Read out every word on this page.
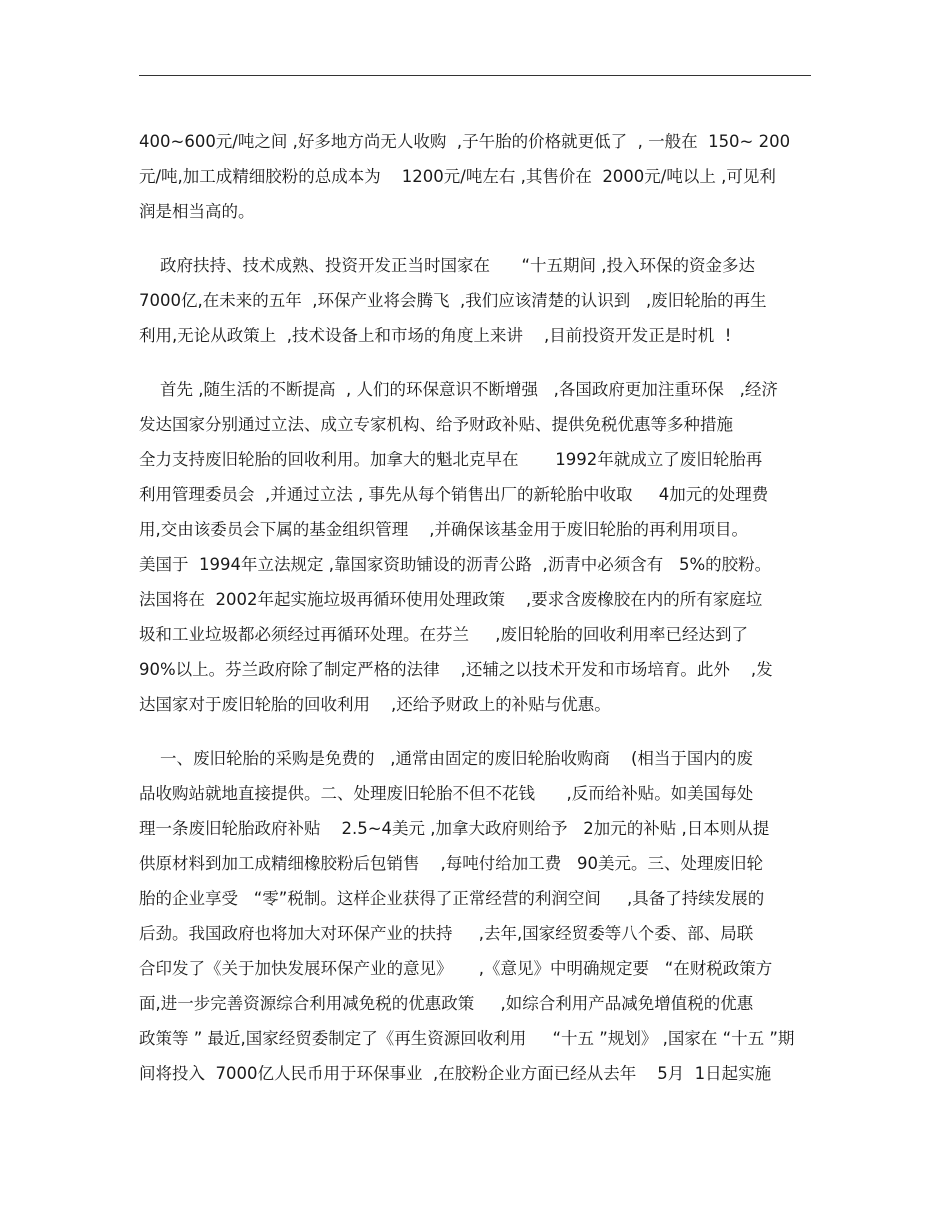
400~600元/吨之间 ,好多地方尚无人收购  ,子午胎的价格就更低了  , 一般在  150~ 200
元/吨,加工成精细胶粉的总成本为    1200元/吨左右 ,其售价在  2000元/吨以上 ,可见利
润是相当高的。
政府扶持、技术成熟、投资开发正当时国家在      “十五期间 ,投入环保的资金多达
7000亿,在未来的五年  ,环保产业将会腾飞  ,我们应该清楚的认识到   ,废旧轮胎的再生
利用,无论从政策上  ,技术设备上和市场的角度上来讲    ,目前投资开发正是时机  !
首先 ,随生活的不断提高  , 人们的环保意识不断增强   ,各国政府更加注重环保   ,经济
发达国家分别通过立法、成立专家机构、给予财政补贴、提供免税优惠等多种措施
全力支持废旧轮胎的回收利用。加拿大的魁北克早在       1992年就成立了废旧轮胎再
利用管理委员会  ,并通过立法 , 事先从每个销售出厂的新轮胎中收取     4加元的处理费
用,交由该委员会下属的基金组织管理    ,并确保该基金用于废旧轮胎的再利用项目。
美国于  1994年立法规定 ,靠国家资助铺设的沥青公路  ,沥青中必须含有   5%的胶粉。
法国将在  2002年起实施垃圾再循环使用处理政策    ,要求含废橡胶在内的所有家庭垃
圾和工业垃圾都必须经过再循环处理。在芬兰     ,废旧轮胎的回收利用率已经达到了
90%以上。芬兰政府除了制定严格的法律    ,还辅之以技术开发和市场培育。此外    ,发
达国家对于废旧轮胎的回收利用    ,还给予财政上的补贴与优惠。
一、废旧轮胎的采购是免费的   ,通常由固定的废旧轮胎收购商    (相当于国内的废
品收购站就地直接提供。二、处理废旧轮胎不但不花钱      ,反而给补贴。如美国每处
理一条废旧轮胎政府补贴    2.5~4美元 ,加拿大政府则给予   2加元的补贴 ,日本则从提
供原材料到加工成精细橡胶粉后包销售    ,每吨付给加工费   90美元。三、处理废旧轮
胎的企业享受   “零”税制。这样企业获得了正常经营的利润空间     ,具备了持续发展的
后劲。我国政府也将加大对环保产业的扶持     ,去年,国家经贸委等八个委、部、局联
合印发了《关于加快发展环保产业的意见》     ,《意见》中明确规定要   “在财税政策方
面,进一步完善资源综合利用减免税的优惠政策     ,如综合利用产品减免增值税的优惠
政策等 ” 最近,国家经贸委制定了《再生资源回收利用     “十五 ”规划》 ,国家在 “十五 ”期
间将投入  7000亿人民币用于环保事业  ,在胶粉企业方面已经从去年    5月  1日起实施
